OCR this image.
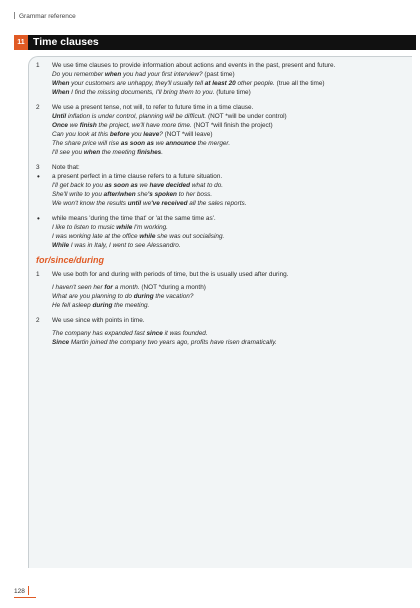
Grammar reference
11 Time clauses
1 We use time clauses to provide information about actions and events in the past, present and future.
Do you remember when you had your first interview? (past time)
When your customers are unhappy, they'll usually tell at least 20 other people. (true all the time)
When I find the missing documents, I'll bring them to you. (future time)
2 We use a present tense, not will, to refer to future time in a time clause.
Until inflation is under control, planning will be difficult. (NOT *will be under control)
Once we finish the project, we'll have more time. (NOT *will finish the project)
Can you look at this before you leave? (NOT *will leave)
The share price will rise as soon as we announce the merger.
I'll see you when the meeting finishes.
3 Note that:
• a present perfect in a time clause refers to a future situation.
I'll get back to you as soon as we have decided what to do.
She'll write to you after/when she's spoken to her boss.
We won't know the results until we've received all the sales reports.
• while means 'during the time that' or 'at the same time as'.
I like to listen to music while I'm working.
I was working late at the office while she was out socialising.
While I was in Italy, I went to see Alessandro.
for/since/during
1 We use both for and during with periods of time, but the is usually used after during.
I haven't seen her for a month. (NOT *during a month)
What are you planning to do during the vacation?
He fell asleep during the meeting.
2 We use since with points in time.
The company has expanded fast since it was founded.
Since Martin joined the company two years ago, profits have risen dramatically.
128
